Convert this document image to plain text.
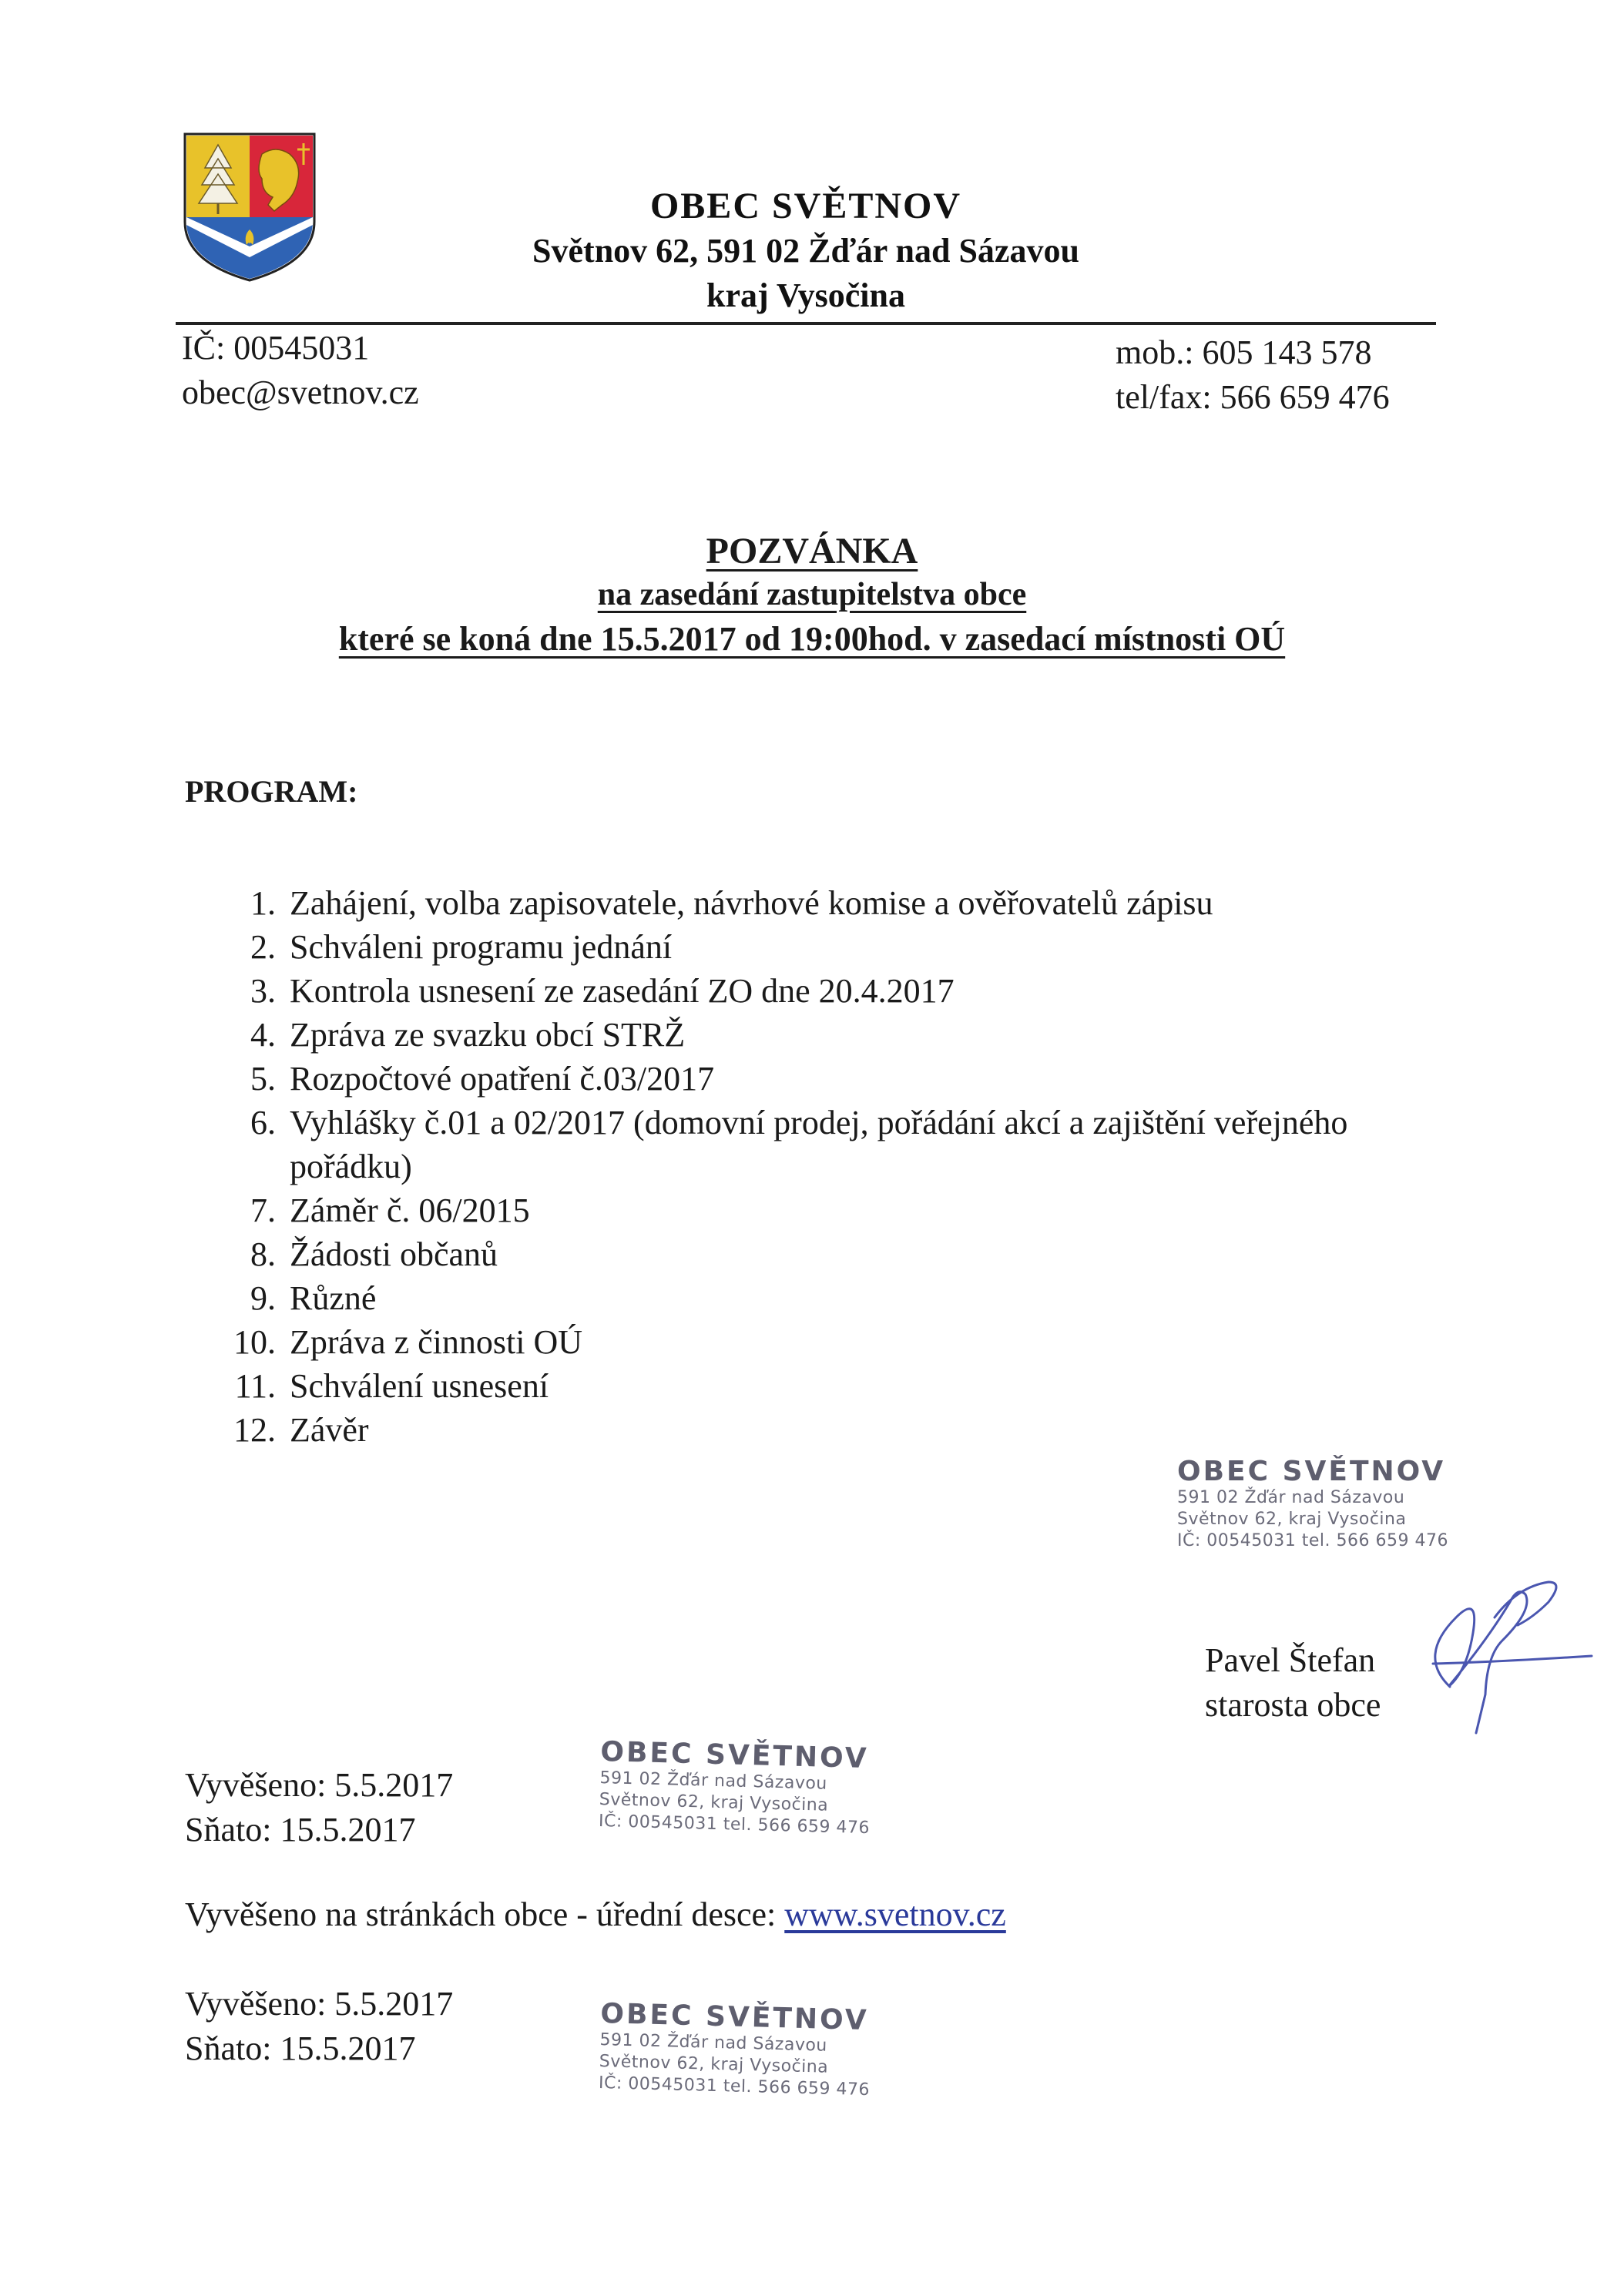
OBEC SVĚTNOV
Světnov 62, 591 02 Žďár nad Sázavou
kraj Vysočina
IČ: 00545031
obec@svetnov.cz
mob.: 605 143 578
tel/fax: 566 659 476
POZVÁNKA
na zasedání zastupitelstva obce
které se koná dne 15.5.2017 od 19:00hod. v zasedací místnosti OÚ
PROGRAM:
1. Zahájení, volba zapisovatele, návrhové komise a ověřovatelů zápisu
2. Schváleni programu jednání
3. Kontrola usnesení ze zasedání ZO dne 20.4.2017
4. Zpráva ze svazku obcí STRŽ
5. Rozpočtové opatření č.03/2017
6. Vyhlášky č.01 a 02/2017 (domovní prodej, pořádání akcí a zajištění veřejného pořádku)
7. Záměr č. 06/2015
8. Žádosti občanů
9. Různé
10. Zpráva z činnosti OÚ
11. Schválení usnesení
12. Závěr
OBEC SVĚTNOV
591 02 Žďár nad Sázavou
Světnov 62, kraj Vysočina
IČ: 00545031 tel. 566 659 476
Pavel Štefan
starosta obce
Vyvěšeno: 5.5.2017
Sňato: 15.5.2017
OBEC SVĚTNOV
591 02 Žďár nad Sázavou
Světnov 62, kraj Vysočina
IČ: 00545031 tel. 566 659 476
Vyvěšeno na stránkách obce - úřední desce: www.svetnov.cz
Vyvěšeno: 5.5.2017
Sňato: 15.5.2017
OBEC SVĚTNOV
591 02 Žďár nad Sázavou
Světnov 62, kraj Vysočina
IČ: 00545031 tel. 566 659 476
